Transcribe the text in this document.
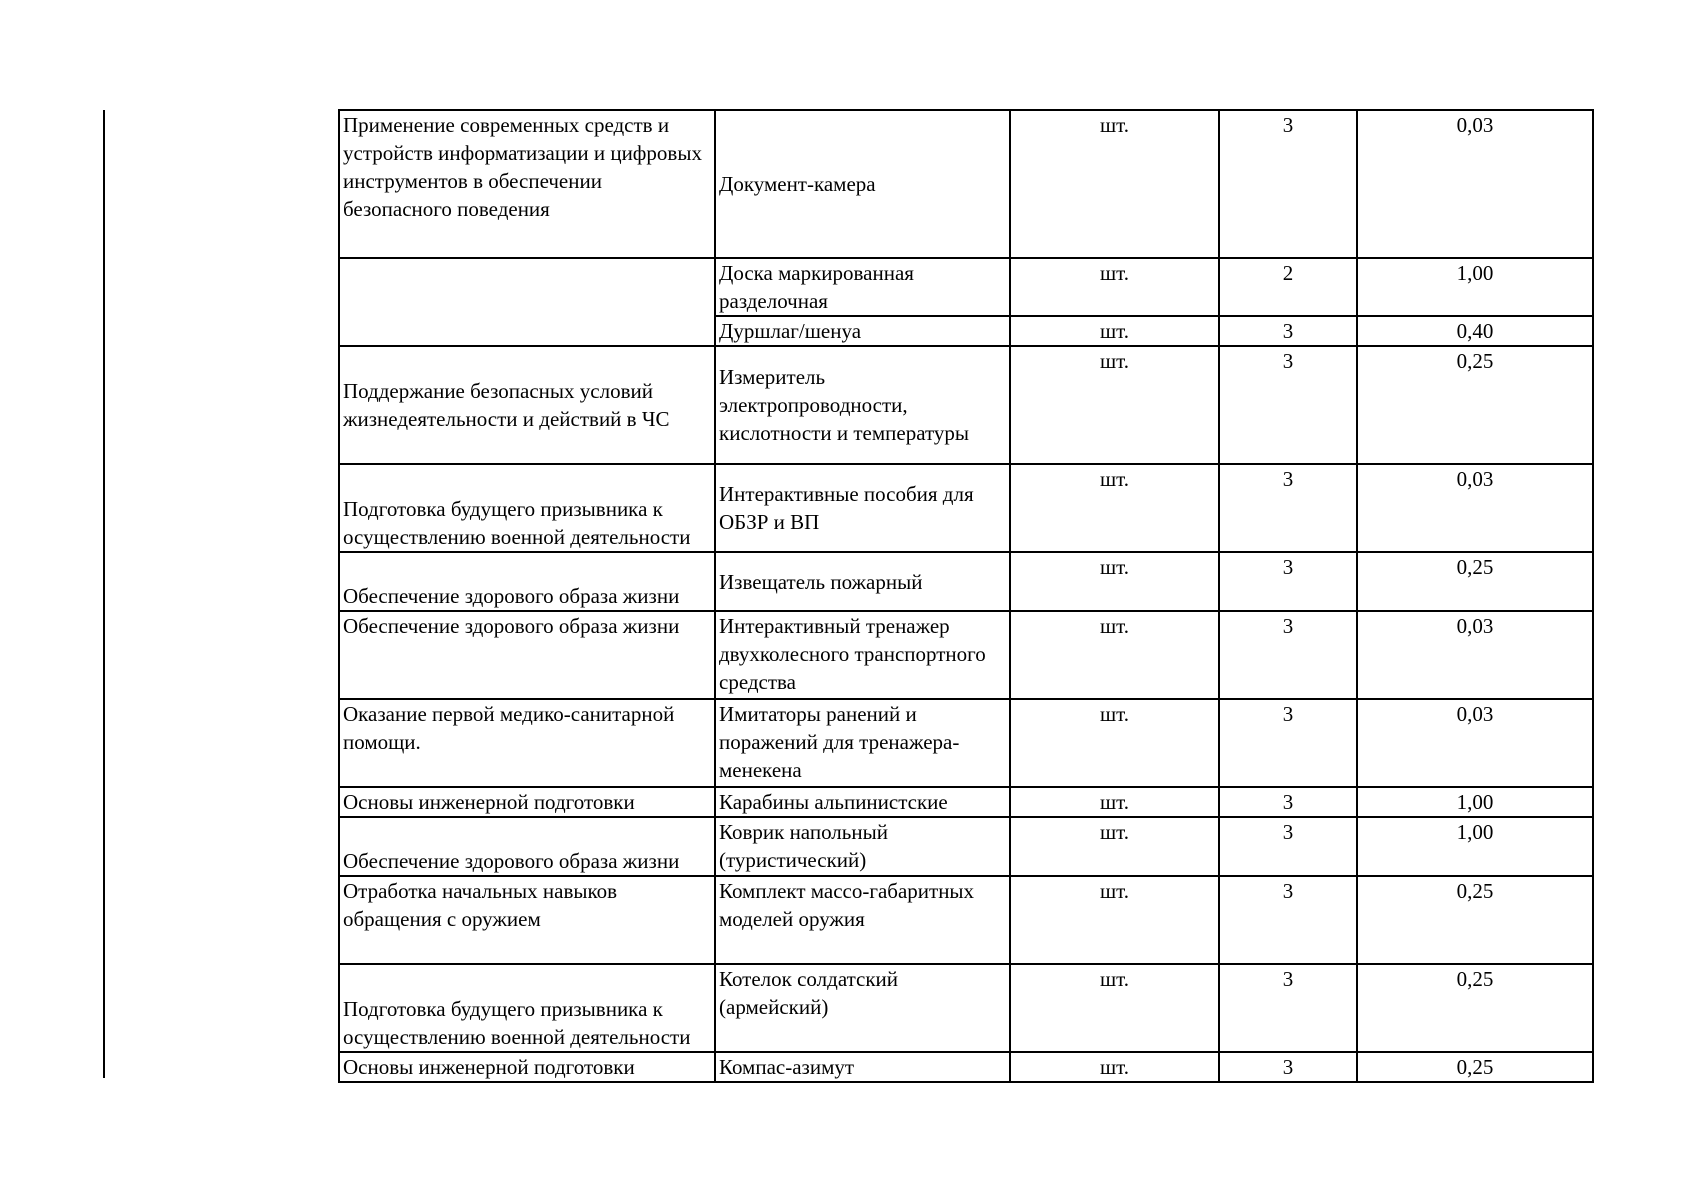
Применение современных средств и устройств информатизации и цифровых инструментов в обеспечении безопасного поведения	Документ-камера	шт.	3	0,03
	Доска маркированная разделочная	шт.	2	1,00
	Дуршлаг/шенуа	шт.	3	0,40
Поддержание безопасных условий жизнедеятельности и действий в ЧС	Измеритель электропроводности, кислотности и температуры	шт.	3	0,25
Подготовка будущего призывника к осуществлению военной деятельности	Интерактивные пособия для ОБЗР и ВП	шт.	3	0,03
Обеспечение здорового образа жизни	Извещатель пожарный	шт.	3	0,25
Обеспечение здорового образа жизни	Интерактивный тренажер двухколесного транспортного средства	шт.	3	0,03
Оказание первой медико-санитарной помощи.	Имитаторы ранений и поражений для тренажера-менекена	шт.	3	0,03
Основы инженерной подготовки	Карабины альпинистские	шт.	3	1,00
Обеспечение здорового образа жизни	Коврик напольный (туристический)	шт.	3	1,00
Отработка начальных навыков обращения с оружием	Комплект массо-габаритных моделей оружия	шт.	3	0,25
Подготовка будущего призывника к осуществлению военной деятельности	Котелок солдатский (армейский)	шт.	3	0,25
Основы инженерной подготовки	Компас-азимут	шт.	3	0,25
